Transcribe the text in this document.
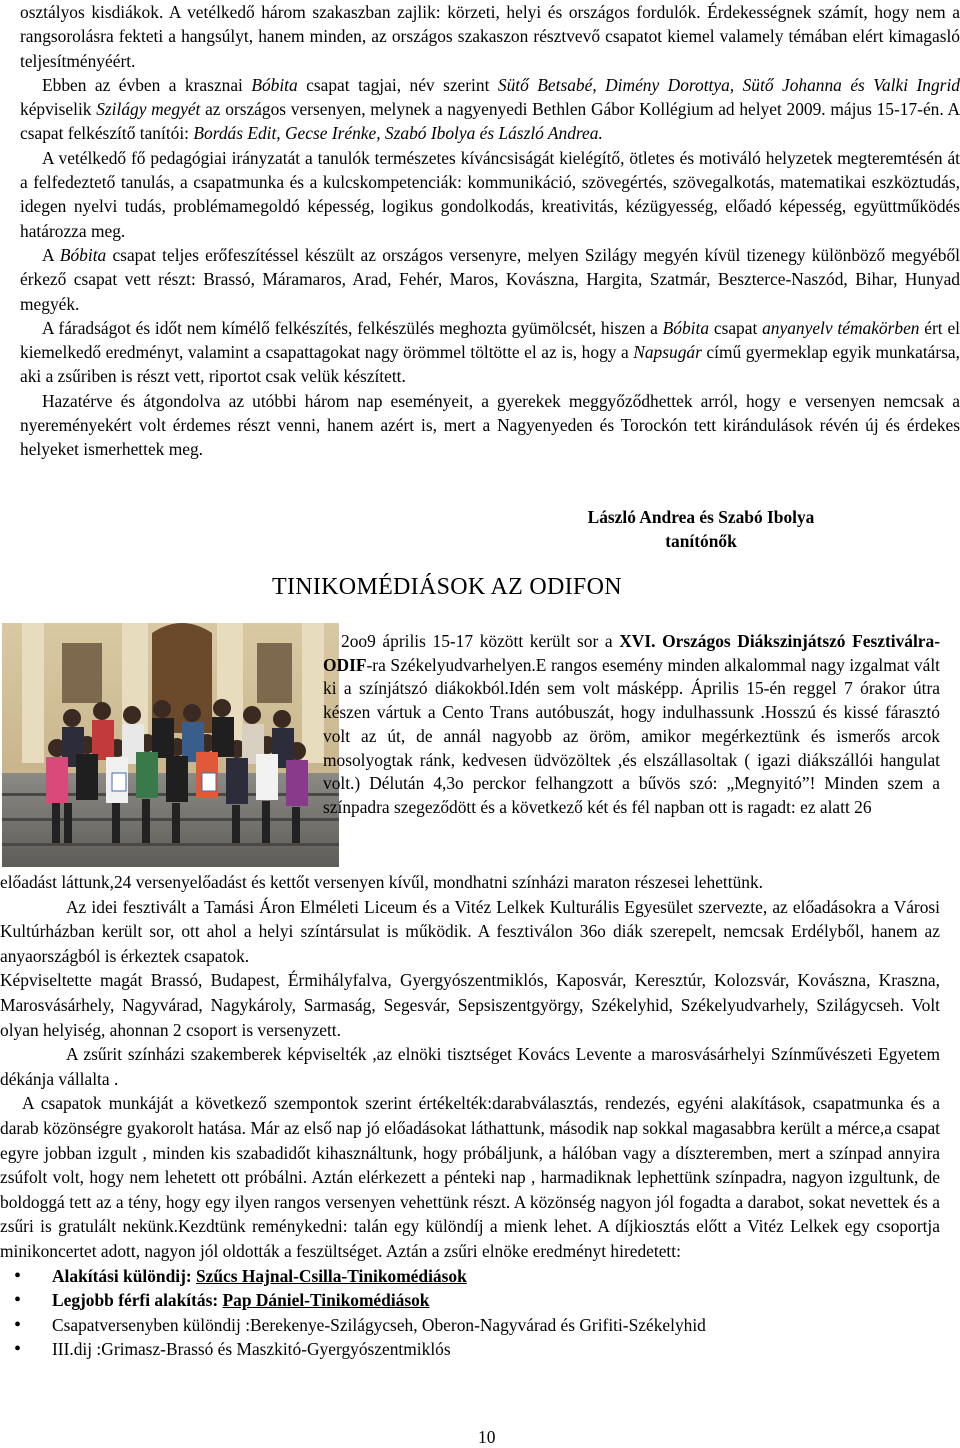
osztályos kisdiákok. A vetélkedő három szakaszban zajlik: körzeti, helyi és országos fordulók. Érdekességnek számít, hogy nem a rangsorolásra fekteti a hangsúlyt, hanem minden, az országos szakaszon résztvevő csapatot kiemel valamely témában elért kimagasló teljesítményéért.

Ebben az évben a krasznai Bóbita csapat tagjai, név szerint Sütő Betsabé, Dimény Dorottya, Sütő Johanna és Valki Ingrid képviselik Szilágy megyét az országos versenyen, melynek a nagyenyedi Bethlen Gábor Kollégium ad helyet 2009. május 15-17-én. A csapat felkészítő tanítói: Bordás Edit, Gecse Irénke, Szabó Ibolya és László Andrea.

A vetélkedő fő pedagógiai irányzatát a tanulók természetes kíváncsiságát kielégítő, ötletes és motiváló helyzetek megteremtésén át a felfedeztető tanulás, a csapatmunka és a kulcskompetenciák: kommunikáció, szövegértés, szövegalkotás, matematikai eszköztudás, idegen nyelvi tudás, problémamegoldó képesség, logikus gondolkodás, kreativitás, kézügyesség, előadó képesség, együttműködés határozza meg.

A Bóbita csapat teljes erőfeszítéssel készült az országos versenyre, melyen Szilágy megyén kívül tizenegy különböző megyéből érkező csapat vett részt: Brassó, Máramaros, Arad, Fehér, Maros, Kovászna, Hargita, Szatmár, Beszterce-Naszód, Bihar, Hunyad megyék.

A fáradságot és időt nem kímélő felkészítés, felkészülés meghozta gyümölcsét, hiszen a Bóbita csapat anyanyelv témakörben ért el kiemelkedő eredményt, valamint a csapattagokat nagy örömmel töltötte el az is, hogy a Napsugár című gyermeklap egyik munkatársa, aki a zsűriben is részt vett, riportot csak velük készített.

Hazatérve és átgondolva az utóbbi három nap eseményeit, a gyerekek meggyőződhettek arról, hogy e versenyen nemcsak a nyereményekért volt érdemes részt venni, hanem azért is, mert a Nagyenyeden és Torockón tett kirándulások révén új és érdekes helyeket ismerhettek meg.

László Andrea és Szabó Ibolya
tanítónők
TINIKOMÉDIÁSOK AZ ODIFON

2oo9 április 15-17 között került sor a XVI. Országos Diákszinjátszó Fesztiválra-ODIF-ra Székelyudvarhelyen.E rangos esemény minden alkalommal nagy izgalmat vált ki a színjátszó diákokból.Idén sem volt másképp. Április 15-én reggel 7 órakor útra készen vártuk a Cento Trans autóbuszát, hogy indulhassunk .Hosszú és kissé fárasztó volt az út, de annál nagyobb az öröm, amikor megérkeztünk és ismerős arcok mosolyogtak ránk, kedvesen üdvözöltek ,és elszállasoltak ( igazi diákszállói hangulat volt.) Délután 4,3o perckor felhangzott a bűvös szó: „Megnyitó”! Minden szem a színpadra szegeződött és a következő két és fél napban ott is ragadt: ez alatt 26

előadást láttunk,24 versenyelőadást és kettőt versenyen kívűl, mondhatni színházi maraton részesei lehettünk.

Az idei fesztivált a Tamási Áron Elméleti Liceum és a Vitéz Lelkek Kulturális Egyesület szervezte, az előadásokra a Városi Kultúrházban került sor, ott ahol a helyi színtársulat is működik. A fesztiválon 36o diák szerepelt, nemcsak Erdélyből, hanem az anyaországból is érkeztek csapatok.

Képviseltette magát Brassó, Budapest, Érmihályfalva, Gyergyószentmiklós, Kaposvár, Keresztúr, Kolozsvár, Kovászna, Kraszna, Marosvásárhely, Nagyvárad, Nagykároly, Sarmaság, Segesvár, Sepsiszentgyörgy, Székelyhid, Székelyudvarhely, Szilágycseh. Volt olyan helyiség, ahonnan 2 csoport is versenyzett.

A zsűrit színházi szakemberek képviselték ,az elnöki tisztséget Kovács Levente a marosvásárhelyi Színművészeti Egyetem dékánja vállalta .

A csapatok munkáját a következő szempontok szerint értékelték:darabválasztás, rendezés, egyéni alakítások, csapatmunka és a darab közönségre gyakorolt hatása. Már az első nap jó előadásokat láthattunk, második nap sokkal magasabbra került a mérce,a csapat egyre jobban izgult , minden kis szabadidőt kihasználtunk, hogy próbáljunk, a hálóban vagy a díszteremben, mert a színpad annyira zsúfolt volt, hogy nem lehetett ott próbálni. Aztán elérkezett a pénteki nap , harmadiknak lephettünk színpadra, nagyon izgultunk, de boldoggá tett az a tény, hogy egy ilyen rangos versenyen vehettünk részt. A közönség nagyon jól fogadta a darabot, sokat nevettek és a zsűri is gratulált nekünk.Kezdtünk reménykedni: talán egy különdíj a mienk lehet. A díjkiosztás előtt a Vitéz Lelkek egy csoportja minikoncertet adott, nagyon jól oldották a feszültséget. Aztán a zsűri elnöke eredményt hiredetett:

• Alakítási különdij: Szűcs Hajnal-Csilla-Tinikomédiások
• Legjobb férfi alakítás: Pap Dániel-Tinikomédiások
• Csapatversenyben különdij :Berekenye-Szilágycseh, Oberon-Nagyvárad és Grifiti-Székelyhid
• III.dij :Grimasz-Brassó és Maszkitó-Gyergyószentmiklós
10
